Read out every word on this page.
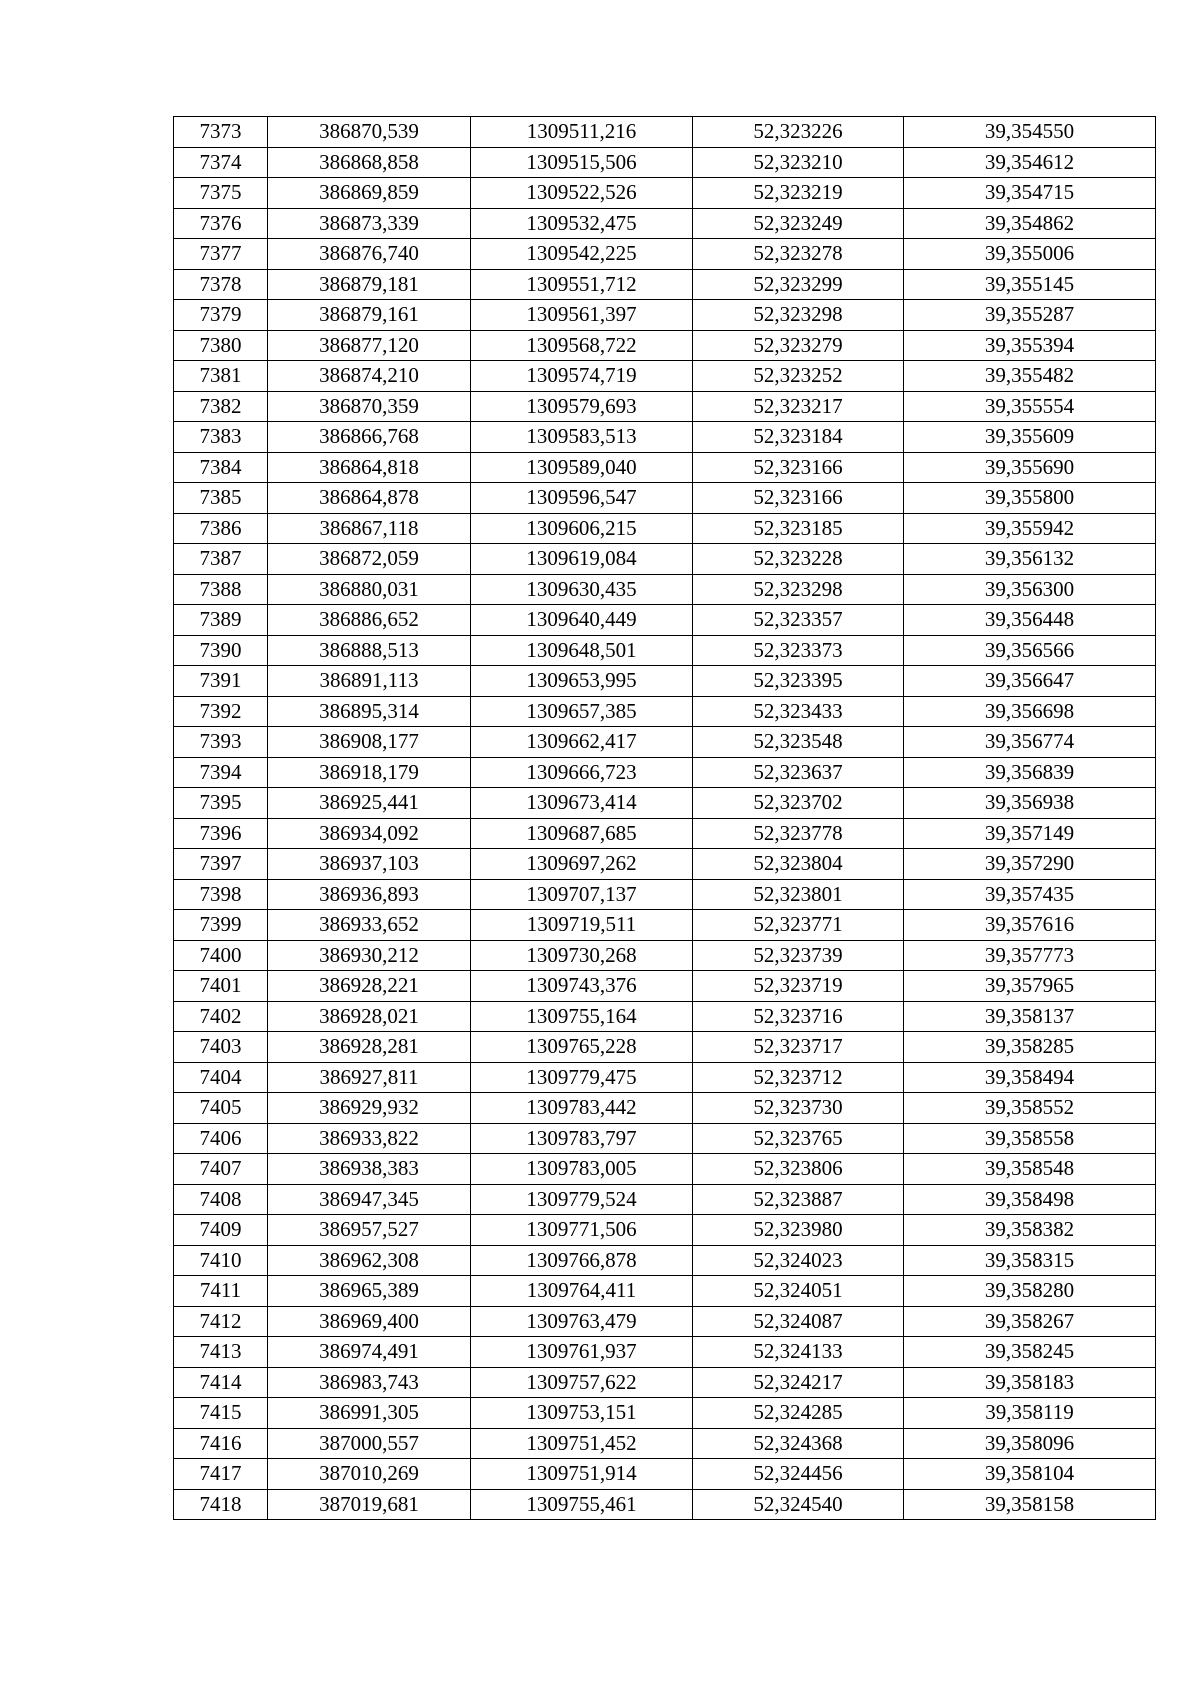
7373	386870,539	1309511,216	52,323226	39,354550
7374	386868,858	1309515,506	52,323210	39,354612
7375	386869,859	1309522,526	52,323219	39,354715
7376	386873,339	1309532,475	52,323249	39,354862
7377	386876,740	1309542,225	52,323278	39,355006
7378	386879,181	1309551,712	52,323299	39,355145
7379	386879,161	1309561,397	52,323298	39,355287
7380	386877,120	1309568,722	52,323279	39,355394
7381	386874,210	1309574,719	52,323252	39,355482
7382	386870,359	1309579,693	52,323217	39,355554
7383	386866,768	1309583,513	52,323184	39,355609
7384	386864,818	1309589,040	52,323166	39,355690
7385	386864,878	1309596,547	52,323166	39,355800
7386	386867,118	1309606,215	52,323185	39,355942
7387	386872,059	1309619,084	52,323228	39,356132
7388	386880,031	1309630,435	52,323298	39,356300
7389	386886,652	1309640,449	52,323357	39,356448
7390	386888,513	1309648,501	52,323373	39,356566
7391	386891,113	1309653,995	52,323395	39,356647
7392	386895,314	1309657,385	52,323433	39,356698
7393	386908,177	1309662,417	52,323548	39,356774
7394	386918,179	1309666,723	52,323637	39,356839
7395	386925,441	1309673,414	52,323702	39,356938
7396	386934,092	1309687,685	52,323778	39,357149
7397	386937,103	1309697,262	52,323804	39,357290
7398	386936,893	1309707,137	52,323801	39,357435
7399	386933,652	1309719,511	52,323771	39,357616
7400	386930,212	1309730,268	52,323739	39,357773
7401	386928,221	1309743,376	52,323719	39,357965
7402	386928,021	1309755,164	52,323716	39,358137
7403	386928,281	1309765,228	52,323717	39,358285
7404	386927,811	1309779,475	52,323712	39,358494
7405	386929,932	1309783,442	52,323730	39,358552
7406	386933,822	1309783,797	52,323765	39,358558
7407	386938,383	1309783,005	52,323806	39,358548
7408	386947,345	1309779,524	52,323887	39,358498
7409	386957,527	1309771,506	52,323980	39,358382
7410	386962,308	1309766,878	52,324023	39,358315
7411	386965,389	1309764,411	52,324051	39,358280
7412	386969,400	1309763,479	52,324087	39,358267
7413	386974,491	1309761,937	52,324133	39,358245
7414	386983,743	1309757,622	52,324217	39,358183
7415	386991,305	1309753,151	52,324285	39,358119
7416	387000,557	1309751,452	52,324368	39,358096
7417	387010,269	1309751,914	52,324456	39,358104
7418	387019,681	1309755,461	52,324540	39,358158
